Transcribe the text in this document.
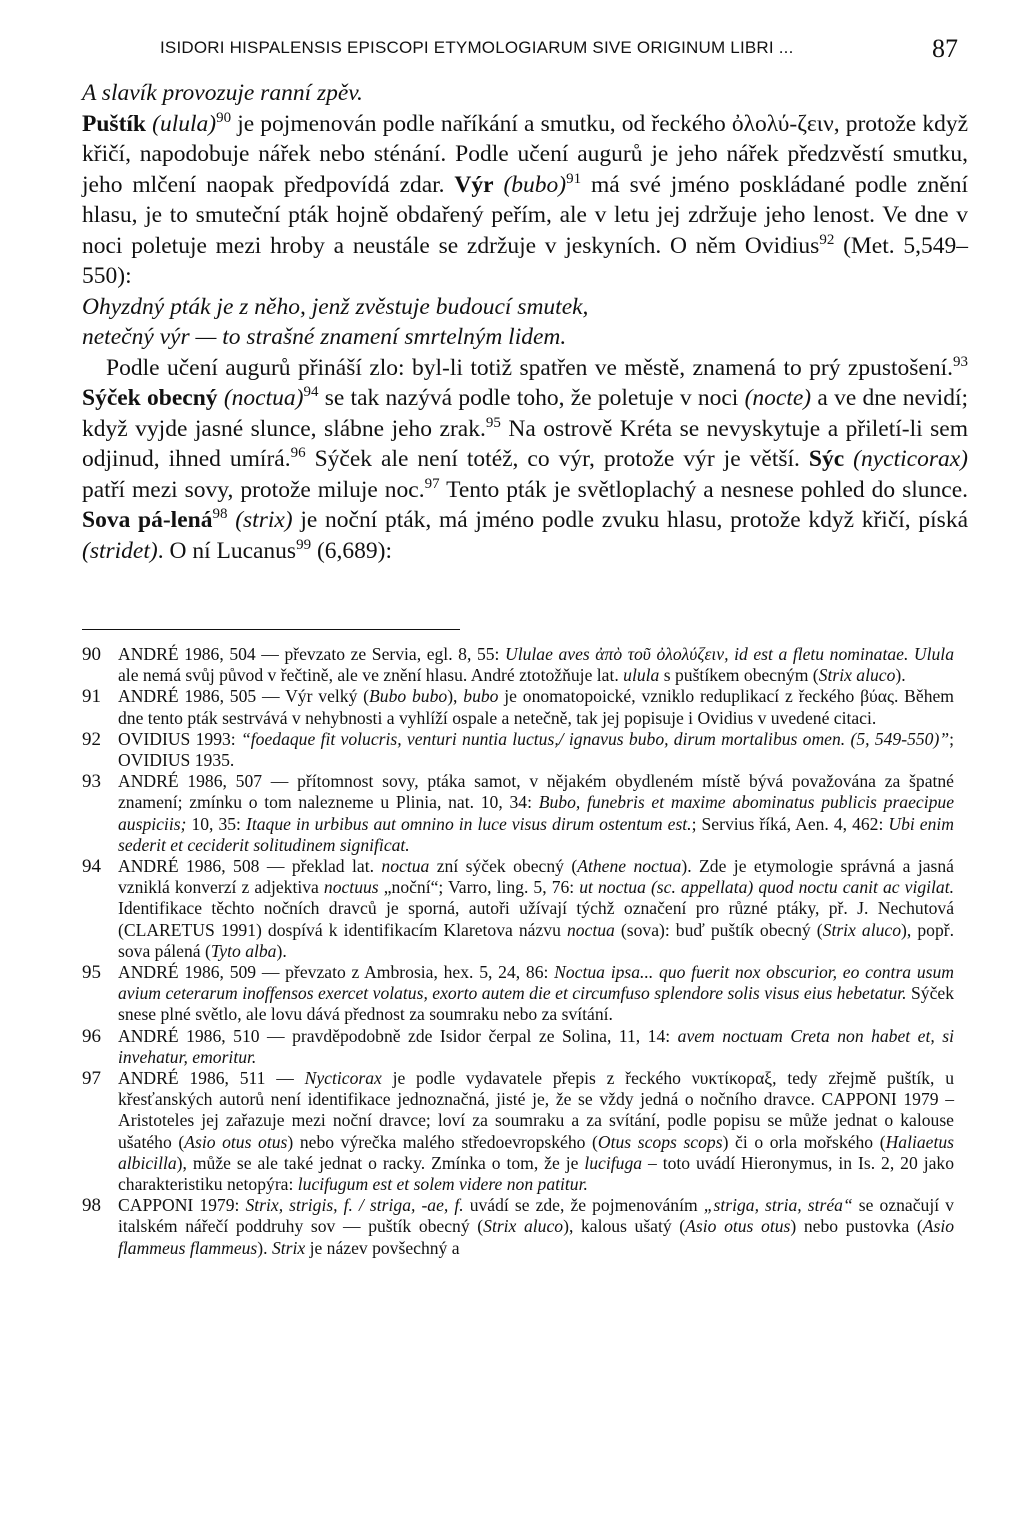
ISIDORI HISPALENSIS EPISCOPI ETYMOLOGIARUM SIVE ORIGINUM LIBRI ...	87

A slavík provozuje ranní zpěv.

Puštík (ulula)$^{90}$ je pojmenován podle naříkání a smutku, od řeckého ὀλολύ-ζειν, protože když křičí, napodobuje nářek nebo sténání. Podle učení augurů je jeho nářek předzvěstí smutku, jeho mlčení naopak předpovídá zdar. Výr (bubo)$^{91}$ má své jméno poskládané podle znění hlasu, je to smuteční pták hojně obdařený peřím, ale v letu jej zdržuje jeho lenost. Ve dne v noci poletuje mezi hroby a neustále se zdržuje v jeskyních. O něm Ovidius$^{92}$ (Met. 5,549–550):

Ohyzdný pták je z něho, jenž zvěstuje budoucí smutek,

netečný výr — to strašné znamení smrtelným lidem.

Podle učení augurů přináší zlo: byl-li totiž spatřen ve městě, znamená to prý zpustošení.$^{93}$ Sýček obecný (noctua)$^{94}$ se tak nazývá podle toho, že poletuje v noci (nocte) a ve dne nevidí; když vyjde jasné slunce, slábne jeho zrak.$^{95}$ Na ostrově Kréta se nevyskytuje a přiletí-li sem odjinud, ihned umírá.$^{96}$ Sýček ale není totéž, co výr, protože výr je větší. Sýc (nycticorax) patří mezi sovy, protože miluje noc.$^{97}$ Tento pták je světloplachý a nesnese pohled do slunce. Sova pá-lená$^{98}$ (strix) je noční pták, má jméno podle zvuku hlasu, protože když křičí, píská (stridet). O ní Lucanus$^{99}$ (6,689):

90 ANDRÉ 1986, 504 — převzato ze Servia, egl. 8, 55: Ululae aves ἀπὸ τοῦ ὀλολύζειν, id est a fletu nominatae. Ulula ale nemá svůj původ v řečtině, ale ve znění hlasu. André ztotožňuje lat. ulula s puštíkem obecným (Strix aluco).
91 ANDRÉ 1986, 505 — Výr velký (Bubo bubo), bubo je onomatopoické, vzniklo reduplikací z řeckého βύας. Během dne tento pták sestrvává v nehybnosti a vyhlíží ospale a netečně, tak jej popisuje i Ovidius v uvedené citaci.
92 OVIDIUS 1993: “foedaque fit volucris, venturi nuntia luctus,/ ignavus bubo, dirum mortalibus omen. (5, 549-550)”; OVIDIUS 1935.
93 ANDRÉ 1986, 507 — přítomnost sovy, ptáka samot, v nějakém obydleném místě bývá považována za špatné znamení; zmínku o tom nalezneme u Plinia, nat. 10, 34: Bubo, funebris et maxime abominatus publicis praecipue auspiciis; 10, 35: Itaque in urbibus aut omnino in luce visus dirum ostentum est.; Servius říká, Aen. 4, 462: Ubi enim sederit et ceciderit solitudinem significat.
94 ANDRÉ 1986, 508 — překlad lat. noctua zní sýček obecný (Athene noctua). Zde je etymologie správná a jasná vzniklá konverzí z adjektiva noctuus „noční“; Varro, ling. 5, 76: ut noctua (sc. appellata) quod noctu canit ac vigilat. Identifikace těchto nočních dravců je sporná, autoři užívají týchž označení pro různé ptáky, př. J. Nechutová (CLARETUS 1991) dospívá k identifikacím Klaretova názvu noctua (sova): buď puštík obecný (Strix aluco), popř. sova pálená (Tyto alba).
95 ANDRÉ 1986, 509 — převzato z Ambrosia, hex. 5, 24, 86: Noctua ipsa... quo fuerit nox obscurior, eo contra usum avium ceterarum inoffensos exercet volatus, exorto autem die et circumfuso splendore solis visus eius hebetatur. Sýček snese plné světlo, ale lovu dává přednost za soumraku nebo za svítání.
96 ANDRÉ 1986, 510 — pravděpodobně zde Isidor čerpal ze Solina, 11, 14: avem noctuam Creta non habet et, si invehatur, emoritur.
97 ANDRÉ 1986, 511 — Nycticorax je podle vydavatele přepis z řeckého νυκτίκοραξ, tedy zřejmě puštík, u křesťanských autorů není identifikace jednoznačná, jisté je, že se vždy jedná o nočního dravce. CAPPONI 1979 – Aristoteles jej zařazuje mezi noční dravce; loví za soumraku a za svítání, podle popisu se může jednat o kalouse ušatého (Asio otus otus) nebo výrečka malého středoevropského (Otus scops scops) či o orla mořského (Haliaetus albicilla), může se ale také jednat o racky. Zmínka o tom, že je lucifuga – toto uvádí Hieronymus, in Is. 2, 20 jako charakteristiku netopýra: lucifugum est et solem videre non patitur.
98 CAPPONI 1979: Strix, strigis, f. / striga, -ae, f. uvádí se zde, že pojmenováním „striga, stria, stréa“ se označují v italském nářečí poddruhy sov — puštík obecný (Strix aluco), kalous ušatý (Asio otus otus) nebo pustovka (Asio flammeus flammeus). Strix je název povšechný a
